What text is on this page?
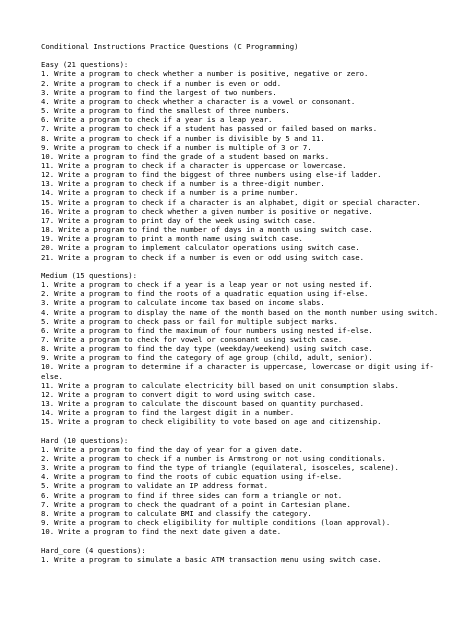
Conditional Instructions Practice Questions (C Programming)

Easy (21 questions):

1. Write a program to check whether a number is positive, negative or zero.
2. Write a program to check if a number is even or odd.
3. Write a program to find the largest of two numbers.
4. Write a program to check whether a character is a vowel or consonant.
5. Write a program to find the smallest of three numbers.
6. Write a program to check if a year is a leap year.
7. Write a program to check if a student has passed or failed based on marks.
8. Write a program to check if a number is divisible by 5 and 11.
9. Write a program to check if a number is multiple of 3 or 7.
10. Write a program to find the grade of a student based on marks.
11. Write a program to check if a character is uppercase or lowercase.
12. Write a program to find the biggest of three numbers using else-if ladder.
13. Write a program to check if a number is a three-digit number.
14. Write a program to check if a number is a prime number.
15. Write a program to check if a character is an alphabet, digit or special character.
16. Write a program to check whether a given number is positive or negative.
17. Write a program to print day of the week using switch case.
18. Write a program to find the number of days in a month using switch case.
19. Write a program to print a month name using switch case.
20. Write a program to implement calculator operations using switch case.
21. Write a program to check if a number is even or odd using switch case.

Medium (15 questions):

1. Write a program to check if a year is a leap year or not using nested if.
2. Write a program to find the roots of a quadratic equation using if-else.
3. Write a program to calculate income tax based on income slabs.
4. Write a program to display the name of the month based on the month number using switch.
5. Write a program to check pass or fail for multiple subject marks.
6. Write a program to find the maximum of four numbers using nested if-else.
7. Write a program to check for vowel or consonant using switch case.
8. Write a program to find the day type (weekday/weekend) using switch case.
9. Write a program to find the category of age group (child, adult, senior).
10. Write a program to determine if a character is uppercase, lowercase or digit using if-else.
11. Write a program to calculate electricity bill based on unit consumption slabs.
12. Write a program to convert digit to word using switch case.
13. Write a program to calculate the discount based on quantity purchased.
14. Write a program to find the largest digit in a number.
15. Write a program to check eligibility to vote based on age and citizenship.

Hard (10 questions):

1. Write a program to find the day of year for a given date.
2. Write a program to check if a number is Armstrong or not using conditionals.
3. Write a program to find the type of triangle (equilateral, isosceles, scalene).
4. Write a program to find the roots of cubic equation using if-else.
5. Write a program to validate an IP address format.
6. Write a program to find if three sides can form a triangle or not.
7. Write a program to check the quadrant of a point in Cartesian plane.
8. Write a program to calculate BMI and classify the category.
9. Write a program to check eligibility for multiple conditions (loan approval).
10. Write a program to find the next date given a date.

Hard_core (4 questions):

1. Write a program to simulate a basic ATM transaction menu using switch case.
